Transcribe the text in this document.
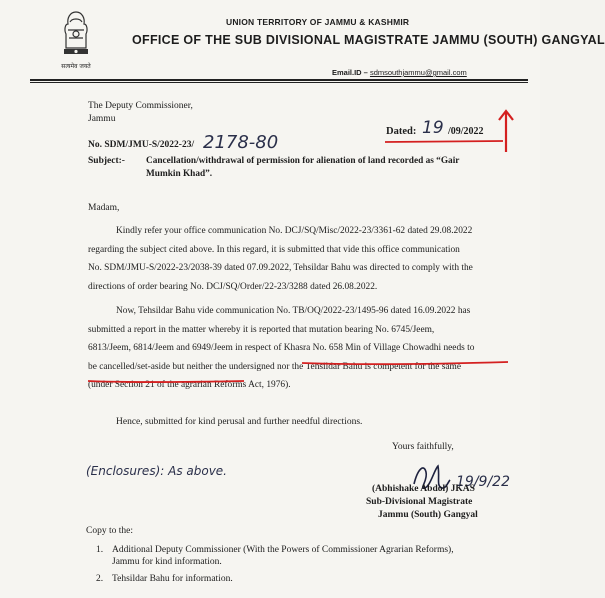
सत्यमेव जयते
UNION TERRITORY OF JAMMU & KASHMIR
OFFICE OF THE SUB DIVISIONAL MAGISTRATE JAMMU (SOUTH) GANGYAL
Email.ID – sdmsouthjammu@gmail.com
The Deputy Commissioner,
Jammu
No. SDM/JMU-S/2022-23/ 2178-80
Dated: 19 /09/2022
Subject:- Cancellation/withdrawal of permission for alienation of land recorded as “Gair
Mumkin Khad”.
Madam,
Kindly refer your office communication No. DCJ/SQ/Misc/2022-23/3361-62 dated 29.08.2022
regarding the subject cited above. In this regard, it is submitted that vide this office communication
No. SDM/JMU-S/2022-23/2038-39 dated 07.09.2022, Tehsildar Bahu was directed to comply with the
directions of order bearing No. DCJ/SQ/Order/22-23/3288 dated 26.08.2022.
Now, Tehsildar Bahu vide communication No. TB/OQ/2022-23/1495-96 dated 16.09.2022 has
submitted a report in the matter whereby it is reported that mutation bearing No. 6745/Jeem,
6813/Jeem, 6814/Jeem and 6949/Jeem in respect of Khasra No. 658 Min of Village Chowadhi needs to
be cancelled/set-aside but neither the undersigned nor the Tehsildar Bahu is competent for the same
(under Section 21 of the agrarian Reforms Act, 1976).
Hence, submitted for kind perusal and further needful directions.
Yours faithfully,
(Enclosures): As above.
19/9/22
(Abhishake Abdol) JKAS
Sub-Divisional Magistrate
Jammu (South) Gangyal
Copy to the:
1. Additional Deputy Commissioner (With the Powers of Commissioner Agrarian Reforms),
Jammu for kind information.
2. Tehsildar Bahu for information.
